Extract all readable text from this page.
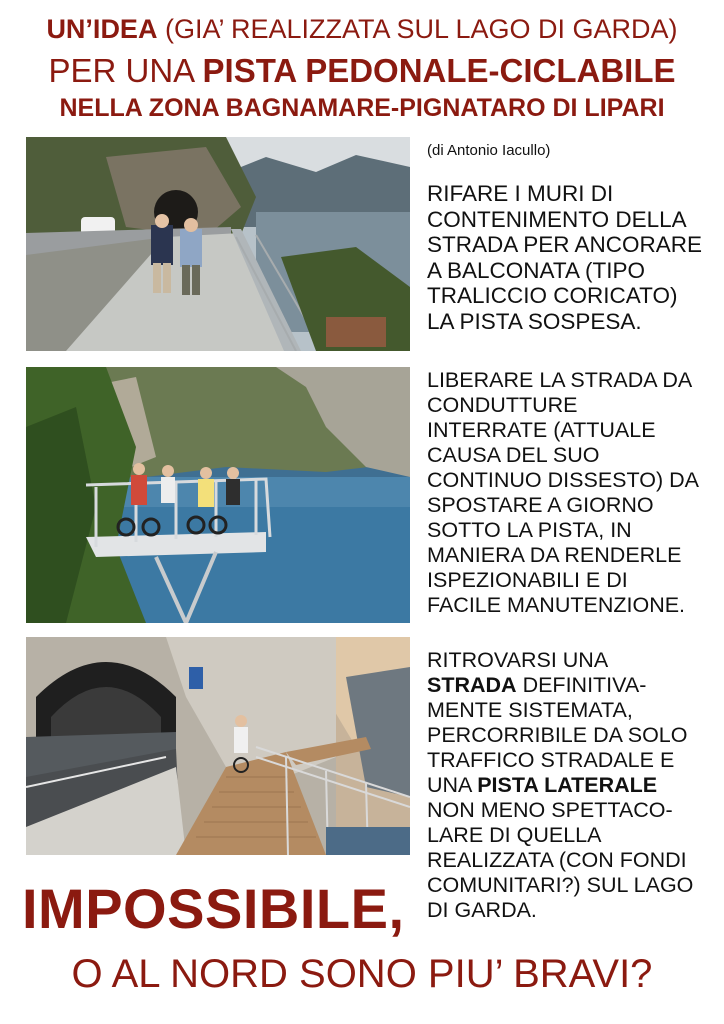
UN’IDEA (GIA’ REALIZZATA SUL LAGO DI GARDA)
PER UNA PISTA PEDONALE-CICLABILE
NELLA ZONA BAGNAMARE-PIGNATARO DI LIPARI
(di Antonio Iacullo)
RIFARE I MURI DI
CONTENIMENTO DELLA
STRADA PER ANCORARE
A BALCONATA (TIPO
TRALICCIO CORICATO)
LA PISTA SOSPESA.
LIBERARE LA STRADA DA
CONDUTTURE
INTERRATE (ATTUALE
CAUSA DEL SUO
CONTINUO DISSESTO) DA
SPOSTARE A GIORNO
SOTTO LA PISTA, IN
MANIERA DA RENDERLE
ISPEZIONABILI E DI
FACILE MANUTENZIONE.
RITROVARSI UNA
STRADA DEFINITIVA-
MENTE SISTEMATA,
PERCORRIBILE DA SOLO
TRAFFICO STRADALE E
UNA PISTA LATERALE
NON MENO SPETTACO-
LARE DI QUELLA
REALIZZATA (CON FONDI
COMUNITARI?) SUL LAGO
DI GARDA.
IMPOSSIBILE,
O AL NORD SONO PIU’ BRAVI?
